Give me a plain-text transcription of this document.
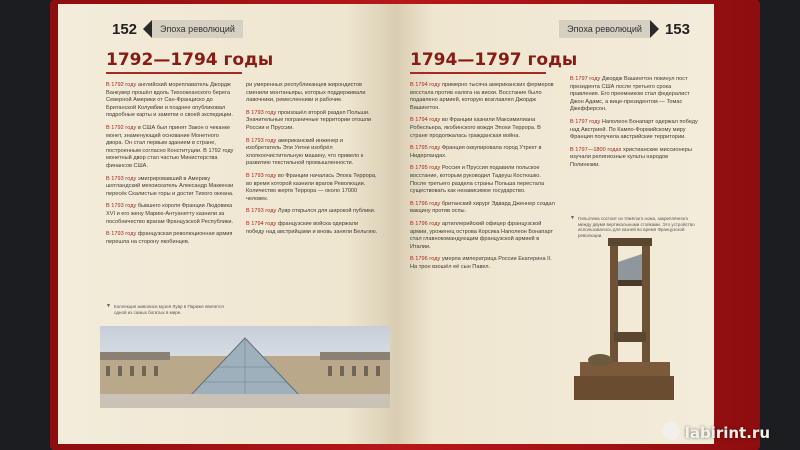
152	Эпоха революций
1792—1794 годы

В 1792 году английский мореплаватель Джордж Ванкувер прошёл вдоль Тихоокеанского берега Северной Америки от Сан-Франциско до Британской Колумбии и позднее опубликовал подробные карты и заметки о своей экспедиции.

В 1792 году в США был принят Закон о чеканке монет, знаменующий основание Монетного двора. Он стал первым зданием в стране, построенным согласно Конституции. В 1792 году монетный двор стал частью Министерства финансов США.

В 1793 году эмигрировавший в Америку шотландский мехоискатель Александр Маккензи пересёк Скалистые горы и достиг Тихого океана.

В 1793 году бывшего короля Франции Людовика XVI и его жену Марию-Антуанетту казнили за пособничество врагам Французской Республики.

В 1793 году французская революционная армия перешла на сторону якобинцев.

ри умеренных республиканцев жирондистов сменили монтаньяры, которых поддерживали лавочники, ремесленники и рабочие.

В 1793 году произошёл второй раздел Польши. Значительные пограничные территории отошли России и Пруссии.

В 1793 году американский инженер и изобретатель Эли Уитни изобрёл хлопкоочистительную машину, что привело к развитию текстильной промышленности.

В 1793 году во Франции началась Эпоха Террора, во время которой казнили врагов Революции. Количество жертв Террора — около 17000 человек.

В 1793 году Лувр открылся для широкой публики.

В 1794 году французские войска одержали победу над австрийцами и вновь заняли Бельгию.

▼ Коллекция живописи музея Лувр в Париже является одной из самых богатых в мире.
Эпоха революций	153
1794—1797 годы

В 1794 году примерно тысяча американских фермеров восстала против налога на виски. Восстание было подавлено армией, которую возглавлял Джордж Вашингтон.

В 1794 году во Франции казнили Максимилиана Робеспьера, якобинского вождя Эпохи Террора. В стране продолжалась гражданская война.

В 1795 году Франция оккупировала город Утрехт в Нидерландах.

В 1795 году Россия и Пруссия подавили польское восстание, которым руководил Тадеуш Костюшко. После третьего раздела страны Польша перестала существовать как независимое государство.

В 1796 году британский хирург Эдвард Дженнер создал вакцину против оспы.

В 1796 году артиллерийский офицер французской армии, уроженец острова Корсика Наполеон Бонапарт стал главнокомандующим французской армией в Италии.

В 1796 году умерла императрица России Екатерина II. На трон взошёл её сын Павел.

В 1797 году Джордж Вашингтон покинул пост президента США после третьего срока правления. Его преемником стал федералист Джон Адамс, а вице-президентом — Томас Джефферсон.

В 1797 году Наполеон Бонапарт одержал победу над Австрией. По Кампо-Формийскому миру Франция получила австрийские территории.

В 1797—1800 годах христианские миссионеры изучали религиозные культы народов Полинезии.

▼ Гильотина состоит из тяжёлого ножа, закреплённого между двумя вертикальными стойками. Это устройство использовалось для казней во время Французской революции.
labirint.ru
